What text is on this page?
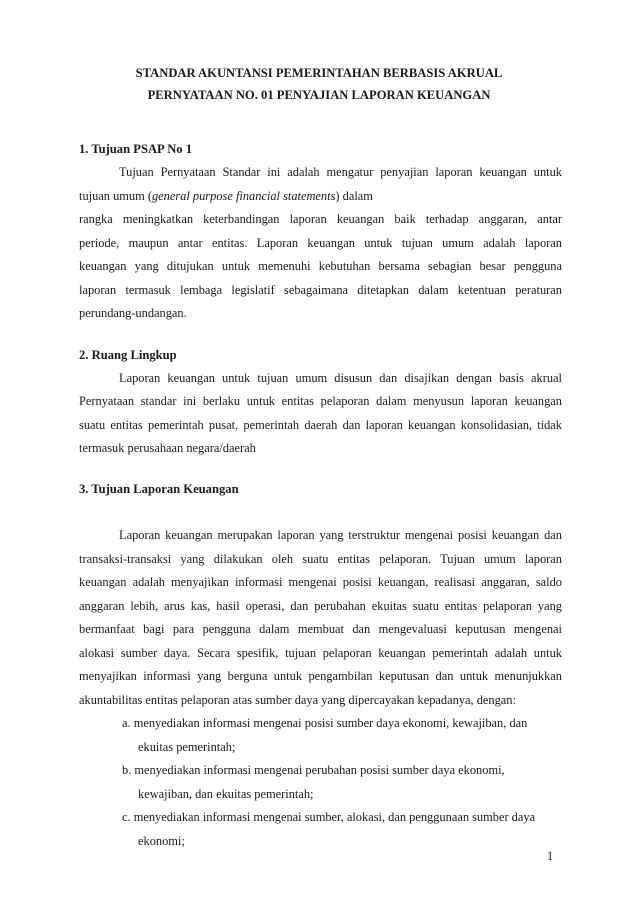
STANDAR AKUNTANSI PEMERINTAHAN BERBASIS AKRUAL
PERNYATAAN NO. 01 PENYAJIAN LAPORAN KEUANGAN
1. Tujuan PSAP No 1
Tujuan Pernyataan Standar ini adalah mengatur penyajian laporan keuangan untuk
tujuan umum (general purpose financial statements) dalam
rangka meningkatkan keterbandingan laporan keuangan baik terhadap anggaran, antar
periode, maupun antar entitas. Laporan keuangan untuk tujuan umum adalah laporan
keuangan yang ditujukan untuk memenuhi kebutuhan bersama sebagian besar pengguna
laporan termasuk lembaga legislatif sebagaimana ditetapkan dalam ketentuan peraturan
perundang-undangan.
2. Ruang Lingkup
Laporan keuangan untuk tujuan umum disusun dan disajikan dengan basis akrual
Pernyataan standar ini berlaku untuk entitas pelaporan dalam menyusun laporan keuangan
suatu entitas pemerintah pusat, pemerintah daerah dan laporan keuangan konsolidasian, tidak
termasuk perusahaan negara/daerah
3. Tujuan Laporan Keuangan
Laporan keuangan merupakan laporan yang terstruktur mengenai posisi keuangan dan
transaksi-transaksi yang dilakukan oleh suatu entitas pelaporan. Tujuan umum laporan
keuangan adalah menyajikan informasi mengenai posisi keuangan, realisasi anggaran, saldo
anggaran lebih, arus kas, hasil operasi, dan perubahan ekuitas suatu entitas pelaporan yang
bermanfaat bagi para pengguna dalam membuat dan mengevaluasi keputusan mengenai
alokasi sumber daya. Secara spesifik, tujuan pelaporan keuangan pemerintah adalah untuk
menyajikan informasi yang berguna untuk pengambilan keputusan dan untuk menunjukkan
akuntabilitas entitas pelaporan atas sumber daya yang dipercayakan kepadanya, dengan:
a. menyediakan informasi mengenai posisi sumber daya ekonomi, kewajiban, dan
ekuitas pemerintah;
b. menyediakan informasi mengenai perubahan posisi sumber daya ekonomi,
kewajiban, dan ekuitas pemerintah;
c. menyediakan informasi mengenai sumber, alokasi, dan penggunaan sumber daya
ekonomi;
1
